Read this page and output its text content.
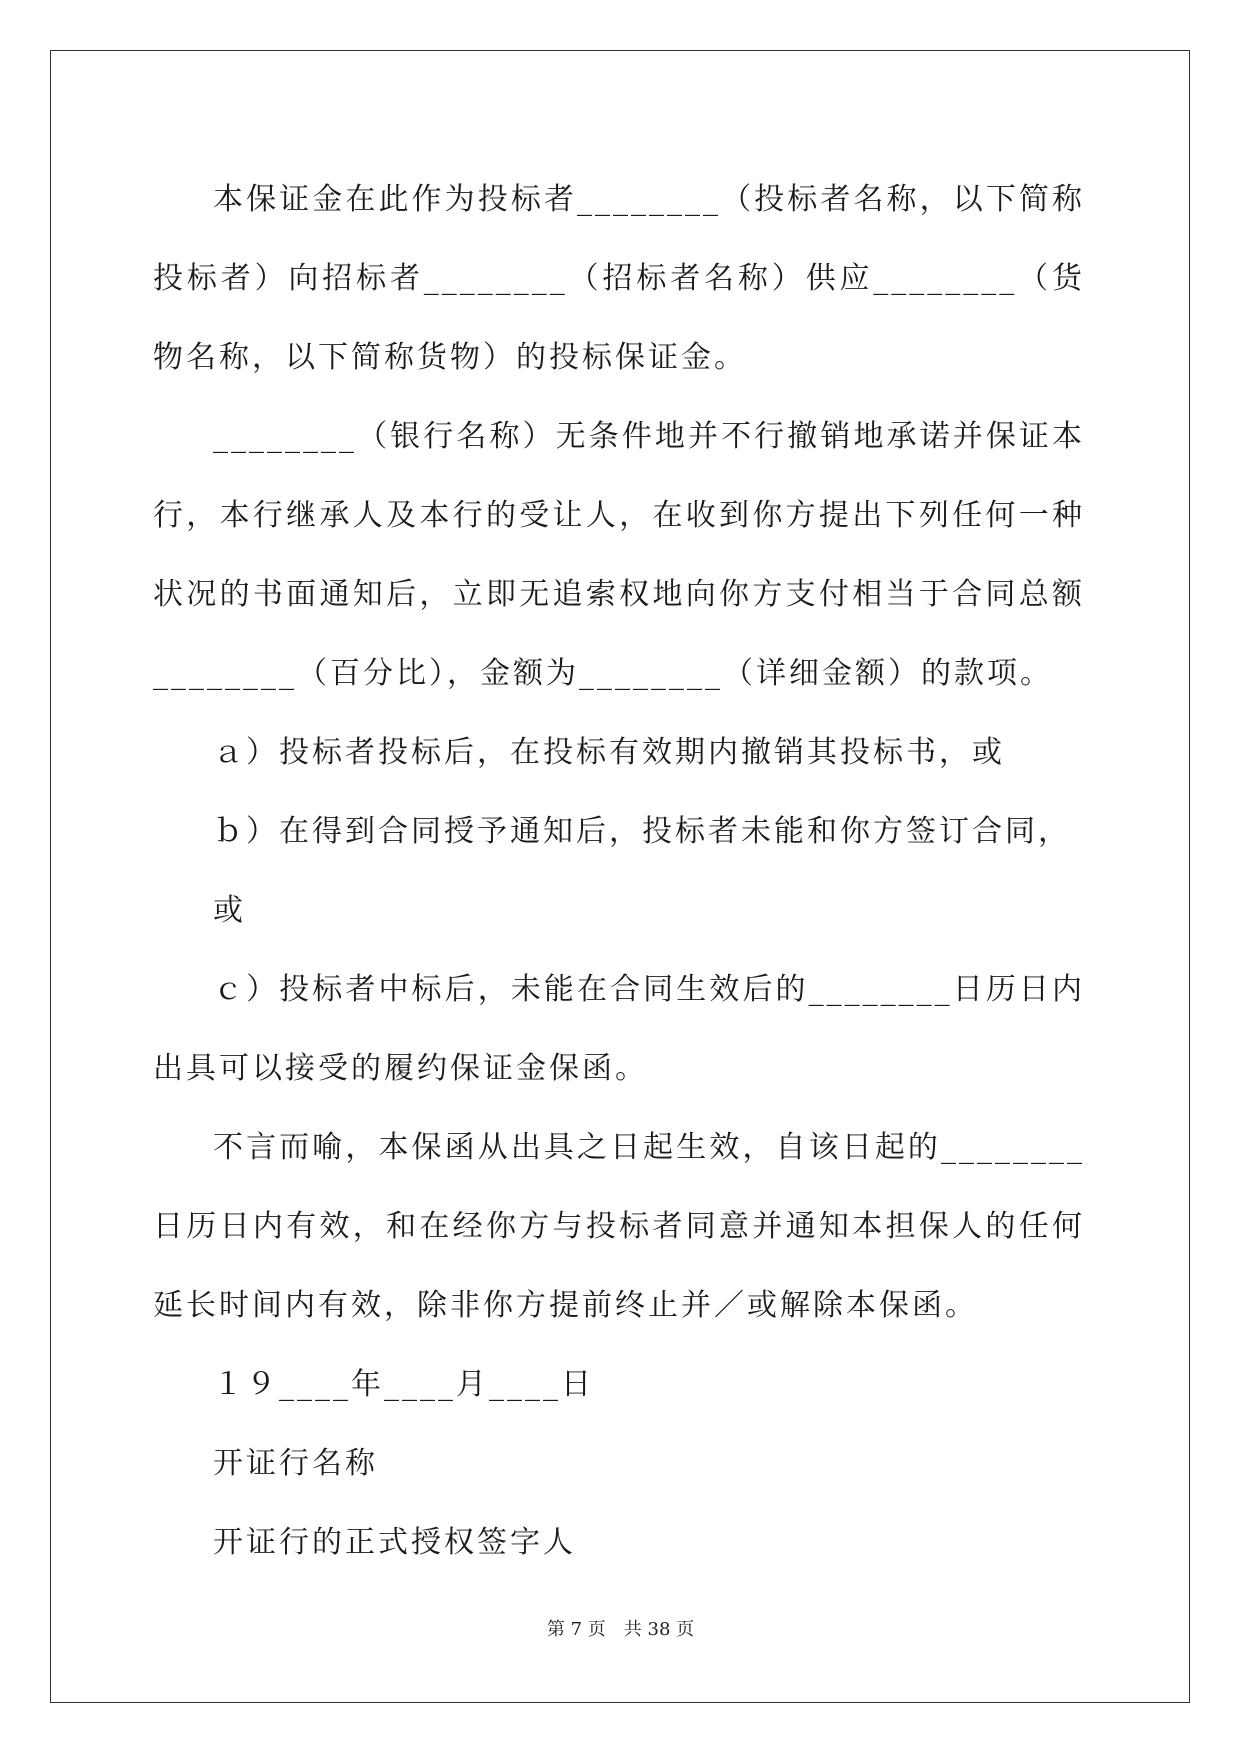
本保证金在此作为投标者________（投标者名称，以下简称投标者）向招标者________（招标者名称）供应________（货物名称，以下简称货物）的投标保证金。

________（银行名称）无条件地并不行撤销地承诺并保证本行，本行继承人及本行的受让人，在收到你方提出下列任何一种状况的书面通知后，立即无追索权地向你方支付相当于合同总额________（百分比），金额为________（详细金额）的款项。

ａ）投标者投标后，在投标有效期内撤销其投标书，或

ｂ）在得到合同授予通知后，投标者未能和你方签订合同，或

ｃ）投标者中标后，未能在合同生效后的________日历日内出具可以接受的履约保证金保函。

不言而喻，本保函从出具之日起生效，自该日起的________日历日内有效，和在经你方与投标者同意并通知本担保人的任何延长时间内有效，除非你方提前终止并／或解除本保函。

１９____年____月____日

开证行名称

开证行的正式授权签字人

第 7 页　共 38 页
